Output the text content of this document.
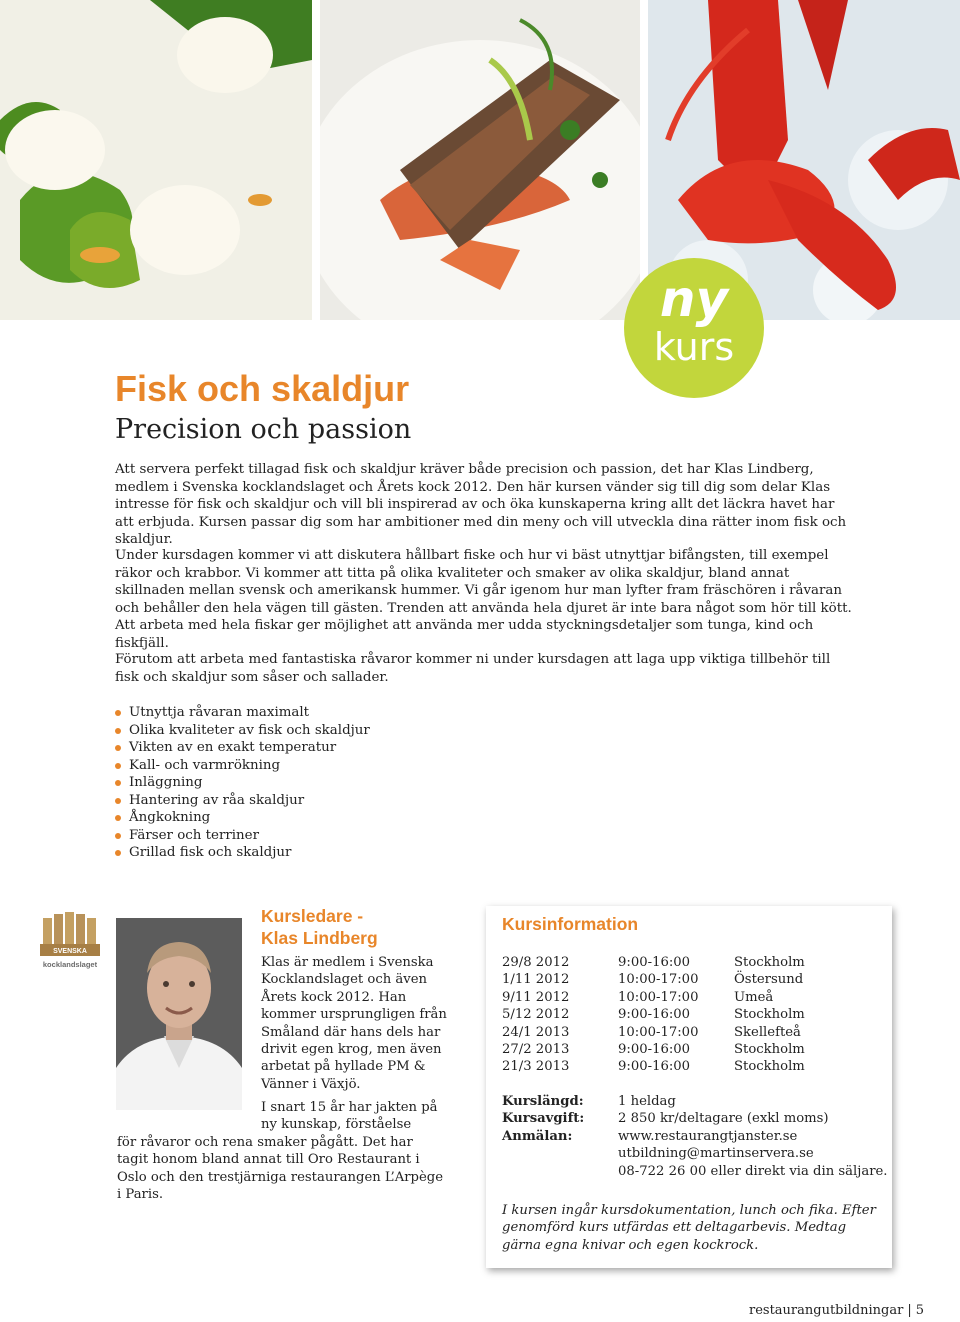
ny
kurs
Fisk och skaldjur

Precision och passion

Att servera perfekt tillagad fisk och skaldjur kräver både precision och passion, det har Klas Lindberg, medlem i Svenska kocklandslaget och Årets kock 2012. Den här kursen vänder sig till dig som delar Klas intresse för fisk och skaldjur och vill bli inspirerad av och öka kunskaperna kring allt det läckra havet har att erbjuda. Kursen passar dig som har ambitioner med din meny och vill utveckla dina rätter inom fisk och skaldjur.

Under kursdagen kommer vi att diskutera hållbart fiske och hur vi bäst utnyttjar bifångsten, till exempel räkor och krabbor. Vi kommer att titta på olika kvaliteter och smaker av olika skaldjur, bland annat skillnaden mellan svensk och amerikansk hummer. Vi går igenom hur man lyfter fram fräschören i råvaran och behåller den hela vägen till gästen. Trenden att använda hela djuret är inte bara något som hör till kött. Att arbeta med hela fiskar ger möjlighet att använda mer udda styckningsdetaljer som tunga, kind och fiskfjäll.

Förutom att arbeta med fantastiska råvaror kommer ni under kursdagen att laga upp viktiga tillbehör till fisk och skaldjur som såser och sallader.

Utnyttja råvaran maximalt
Olika kvaliteter av fisk och skaldjur
Vikten av en exakt temperatur
Kall- och varmrökning
Inläggning
Hantering av råa skaldjur
Ångkokning
Färser och terriner
Grillad fisk och skaldjur
SVENSKA
kocklandslaget
Kursledare -
Klas Lindberg

Klas är medlem i Svenska Kocklandslaget och även Årets kock 2012. Han kommer ursprungligen från Småland där hans dels har drivit egen krog, men även arbetat på hyllade PM & Vänner i Växjö.

I snart 15 år har jakten på ny kunskap, förståelse

för råvaror och rena smaker pågått. Det har tagit honom bland annat till Oro Restaurant i Oslo och den trestjärniga restaurangen L’Arpège i Paris.

Kursinformation
29/8 2012	9:00-16:00	Stockholm
1/11 2012	10:00-17:00	Östersund
9/11 2012	10:00-17:00	Umeå
5/12 2012	9:00-16:00	Stockholm
24/1 2013	10:00-17:00	Skellefteå
27/2 2013	9:00-16:00	Stockholm
21/3 2013	9:00-16:00	Stockholm
Kurslängd:	1 heldag
Kursavgift:	2 850 kr/deltagare (exkl moms)
Anmälan:	www.restaurangtjanster.se
utbildning@martinservera.se
08-722 26 00 eller direkt via din säljare.

I kursen ingår kursdokumentation, lunch och fika. Efter genomförd kurs utfärdas ett deltagarbevis. Medtag gärna egna knivar och egen kockrock.

restaurangutbildningar | 5
